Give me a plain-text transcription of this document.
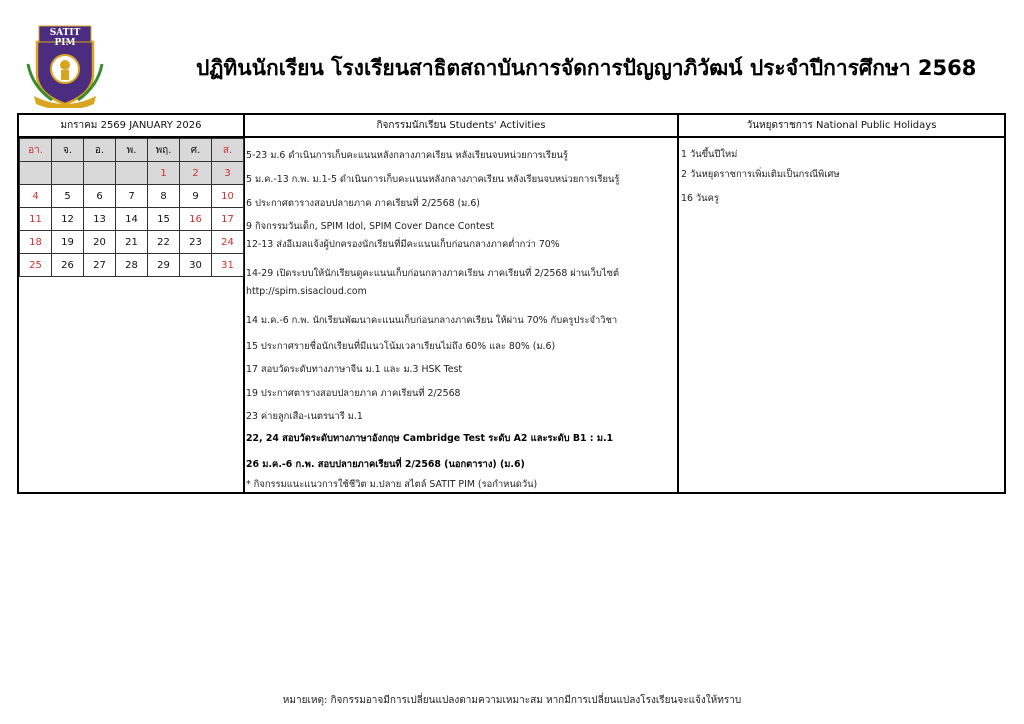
SATIT PIM
ปฏิทินนักเรียน โรงเรียนสาธิตสถาบันการจัดการปัญญาภิวัฒน์ ประจำปีการศึกษา 2568
มกราคม 2569 JANUARY 2026	กิจกรรมนักเรียน Students' Activities	วันหยุดราชการ National Public Holidays
อา.	จ.	อ.	พ.	พฤ.	ศ.	ส.
				1	2	3
4	5	6	7	8	9	10
11	12	13	14	15	16	17
18	19	20	21	22	23	24
25	26	27	28	29	30	31
5-23 ม.6 ดำเนินการเก็บคะแนนหลังกลางภาคเรียน หลังเรียนจบหน่วยการเรียนรู้
5 ม.ค.-13 ก.พ. ม.1-5 ดำเนินการเก็บคะแนนหลังกลางภาคเรียน หลังเรียนจบหน่วยการเรียนรู้
6 ประกาศตารางสอบปลายภาค ภาคเรียนที่ 2/2568 (ม.6)
9 กิจกรรมวันเด็ก, SPIM Idol, SPIM Cover Dance Contest
12-13 ส่งอีเมลแจ้งผู้ปกครองนักเรียนที่มีคะแนนเก็บก่อนกลางภาคต่ำกว่า 70%
14-29 เปิดระบบให้นักเรียนดูคะแนนเก็บก่อนกลางภาคเรียน ภาคเรียนที่ 2/2568 ผ่านเว็บไซต์
http://spim.sisacloud.com
14 ม.ค.-6 ก.พ. นักเรียนพัฒนาคะแนนเก็บก่อนกลางภาคเรียน ให้ผ่าน 70% กับครูประจำวิชา
15 ประกาศรายชื่อนักเรียนที่มีแนวโน้มเวลาเรียนไม่ถึง 60% และ 80% (ม.6)
17 สอบวัดระดับทางภาษาจีน ม.1 และ ม.3 HSK Test
19 ประกาศตารางสอบปลายภาค ภาคเรียนที่ 2/2568
23 ค่ายลูกเสือ-เนตรนารี ม.1
22, 24 สอบวัดระดับทางภาษาอังกฤษ Cambridge Test ระดับ A2 และระดับ B1 : ม.1
26 ม.ค.-6 ก.พ. สอบปลายภาคเรียนที่ 2/2568 (นอกตาราง) (ม.6)
* กิจกรรมแนะแนวการใช้ชีวิต ม.ปลาย สไตล์ SATIT PIM (รอกำหนดวัน)
1 วันขึ้นปีใหม่
2 วันหยุดราชการเพิ่มเติมเป็นกรณีพิเศษ
16 วันครู
หมายเหตุ: กิจกรรมอาจมีการเปลี่ยนแปลงตามความเหมาะสม หากมีการเปลี่ยนแปลงโรงเรียนจะแจ้งให้ทราบ
